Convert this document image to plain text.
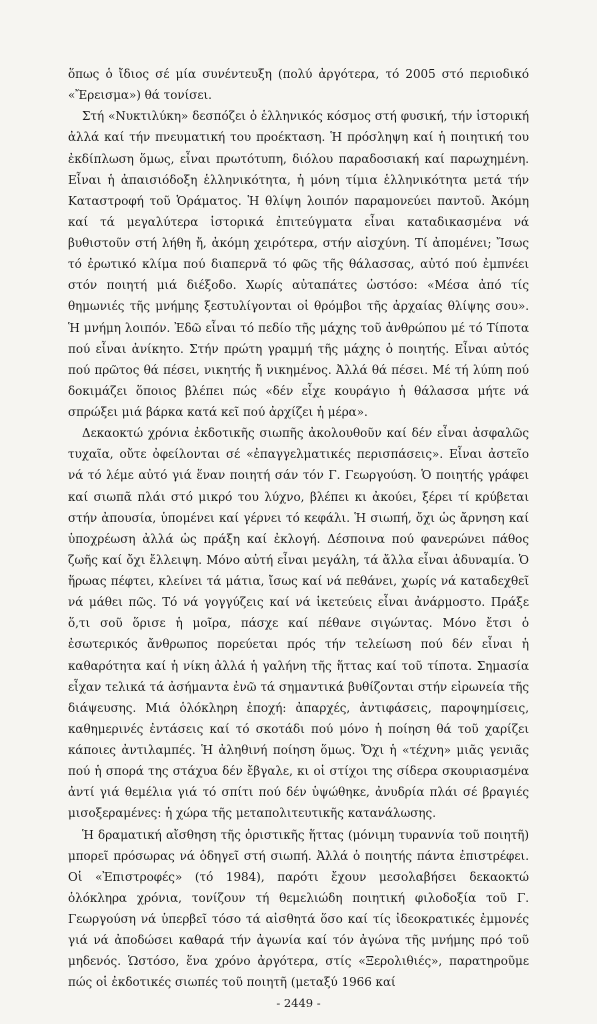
ὅπως ὁ ἴδιος σέ μία συνέντευξη (πολύ ἀργότερα, τό 2005 στό περιοδικό «Ἔρεισμα») θά τονίσει.

Στή «Νυκτιλύκη» δεσπόζει ὁ ἑλληνικός κόσμος στή φυσική, τήν ἱστορική ἀλλά καί τήν πνευματική του προέκταση. Ἡ πρόσληψη καί ἡ ποιητική του ἐκδίπλωση ὅμως, εἶναι πρωτότυπη, διόλου παραδοσιακή καί παρωχημένη. Εἶναι ἡ ἀπαισιόδοξη ἑλληνικότητα, ἡ μόνη τίμια ἑλληνικότητα μετά τήν Καταστροφή τοῦ Ὁράματος. Ἡ θλίψη λοιπόν παραμονεύει παντοῦ. Ἀκόμη καί τά μεγαλύτερα ἱστορικά ἐπιτεύγματα εἶναι καταδικασμένα νά βυθιστοῦν στή λήθη ἤ, ἀκόμη χειρότερα, στήν αἰσχύνη. Τί ἀπομένει; Ἴσως τό ἐρωτικό κλίμα πού διαπερνᾶ τό φῶς τῆς θάλασσας, αὐτό πού ἐμπνέει στόν ποιητή μιά διέξοδο. Χωρίς αὐταπάτες ὡστόσο: «Μέσα ἀπό τίς θημωνιές τῆς μνήμης ξεστυλίγονται οἱ θρόμβοι τῆς ἀρχαίας θλίψης σου». Ἡ μνήμη λοιπόν. Ἐδῶ εἶναι τό πεδίο τῆς μάχης τοῦ ἀνθρώπου μέ τό Τίποτα πού εἶναι ἀνίκητο. Στήν πρώτη γραμμή τῆς μάχης ὁ ποιητής. Εἶναι αὐτός πού πρῶτος θά πέσει, νικητής ἤ νικημένος. Ἀλλά θά πέσει. Μέ τή λύπη πού δοκιμάζει ὅποιος βλέπει πώς «δέν εἶχε κουράγιο ἡ θάλασσα μήτε νά σπρώξει μιά βάρκα κατά κεῖ πού ἀρχίζει ἡ μέρα».

Δεκαοκτώ χρόνια ἐκδοτικῆς σιωπῆς ἀκολουθοῦν καί δέν εἶναι ἀσφαλῶς τυχαῖα, οὔτε ὀφείλονται σέ «ἐπαγγελματικές περισπάσεις». Εἶναι ἀστεῖο νά τό λέμε αὐτό γιά ἕναν ποιητή σάν τόν Γ. Γεωργούση. Ὁ ποιητής γράφει καί σιωπᾶ πλάι στό μικρό του λύχνο, βλέπει κι ἀκούει, ξέρει τί κρύβεται στήν ἀπουσία, ὑπομένει καί γέρνει τό κεφάλι. Ἡ σιωπή, ὄχι ὡς ἄρνηση καί ὑποχρέωση ἀλλά ὡς πράξη καί ἐκλογή. Δέσποινα πού φανερώνει πάθος ζωῆς καί ὄχι ἔλλειψη. Μόνο αὐτή εἶναι μεγάλη, τά ἄλλα εἶναι ἀδυναμία. Ὁ ἥρωας πέφτει, κλείνει τά μάτια, ἴσως καί νά πεθάνει, χωρίς νά καταδεχθεῖ νά μάθει πῶς. Τό νά γογγύζεις καί νά ἱκετεύεις εἶναι ἀνάρμοστο. Πράξε ὅ,τι σοῦ ὅρισε ἡ μοῖρα, πάσχε καί πέθανε σιγώντας. Μόνο ἔτσι ὁ ἐσωτερικός ἄνθρωπος πορεύεται πρός τήν τελείωση πού δέν εἶναι ἡ καθαρότητα καί ἡ νίκη ἀλλά ἡ γαλήνη τῆς ἥττας καί τοῦ τίποτα. Σημασία εἶχαν τελικά τά ἀσήμαντα ἐνῶ τά σημαντικά βυθίζονται στήν εἰρωνεία τῆς διάψευσης. Μιά ὁλόκληρη ἐποχή: ἀπαρχές, ἀντιφάσεις, παροψημίσεις, καθημερινές ἐντάσεις καί τό σκοτάδι πού μόνο ἡ ποίηση θά τοῦ χαρίζει κάποιες ἀντιλαμπές. Ἡ ἀληθινή ποίηση ὅμως. Ὄχι ἡ «τέχνη» μιᾶς γενιᾶς πού ἡ σπορά της στάχυα δέν ἔβγαλε, κι οἱ στίχοι της σίδερα σκουριασμένα ἀντί γιά θεμέλια γιά τό σπίτι πού δέν ὑψώθηκε, ἀνυδρία πλάι σέ βραγιές μισοξεραμένες: ἡ χώρα τῆς μεταπολιτευτικῆς κατανάλωσης.

Ἡ δραματική αἴσθηση τῆς ὁριστικῆς ἥττας (μόνιμη τυραννία τοῦ ποιητῆ) μπορεῖ πρόσωρας νά ὁδηγεῖ στή σιωπή. Ἀλλά ὁ ποιητής πάντα ἐπιστρέφει. Οἱ «Ἐπιστροφές» (τό 1984), παρότι ἔχουν μεσολαβήσει δεκαοκτώ ὁλόκληρα χρόνια, τονίζουν τή θεμελιώδη ποιητική φιλοδοξία τοῦ Γ. Γεωργούση νά ὑπερβεῖ τόσο τά αἰσθητά ὅσο καί τίς ἰδεοκρατικές ἐμμονές γιά νά ἀποδώσει καθαρά τήν ἀγωνία καί τόν ἀγώνα τῆς μνήμης πρό τοῦ μηδενός. Ὡστόσο, ἕνα χρόνο ἀργότερα, στίς «Ξερολιθιές», παρατηροῦμε πώς οἱ ἐκδοτικές σιωπές τοῦ ποιητῆ (μεταξύ 1966 καί

- 2449 -
